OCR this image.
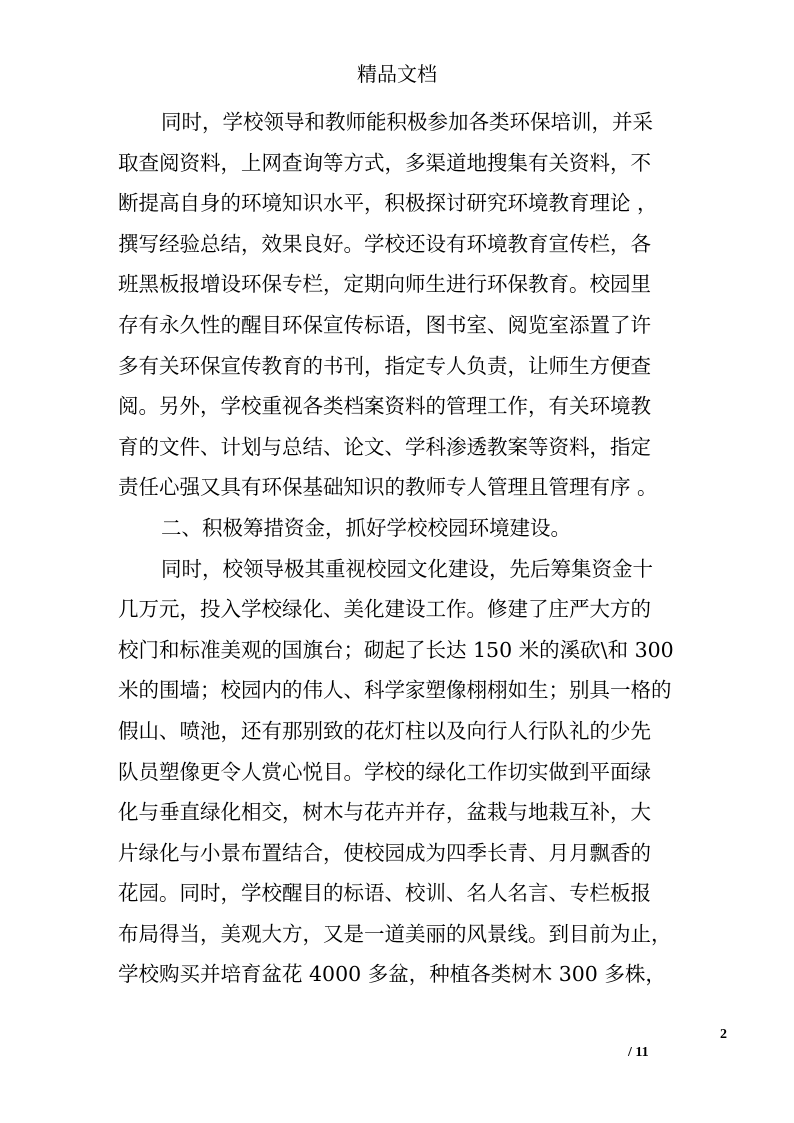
精品文档
同时，学校领导和教师能积极参加各类环保培训，并采
取查阅资料，上网查询等方式，多渠道地搜集有关资料，不
断提高自身的环境知识水平，积极探讨研究环境教育理论 ，
撰写经验总结，效果良好。学校还设有环境教育宣传栏，各
班黑板报增设环保专栏，定期向师生进行环保教育。校园里
存有永久性的醒目环保宣传标语，图书室、阅览室添置了许
多有关环保宣传教育的书刊，指定专人负责，让师生方便查
阅。另外，学校重视各类档案资料的管理工作，有关环境教
育的文件、计划与总结、论文、学科渗透教案等资料，指定
责任心强又具有环保基础知识的教师专人管理且管理有序 。
二、积极筹措资金，抓好学校校园环境建设。
同时，校领导极其重视校园文化建设，先后筹集资金十
几万元，投入学校绿化、美化建设工作。修建了庄严大方的
校门和标准美观的国旗台；砌起了长达 150 米的溪砍\和 300
米的围墙；校园内的伟人、科学家塑像栩栩如生；别具一格的
假山、喷池，还有那别致的花灯柱以及向行人行队礼的少先
队员塑像更令人赏心悦目。学校的绿化工作切实做到平面绿
化与垂直绿化相交，树木与花卉并存，盆栽与地栽互补，大
片绿化与小景布置结合，使校园成为四季长青、月月飘香的
花园。同时，学校醒目的标语、校训、名人名言、专栏板报
布局得当，美观大方，又是一道美丽的风景线。到目前为止，
学校购买并培育盆花 4000 多盆，种植各类树木 300 多株，
2
/ 11
